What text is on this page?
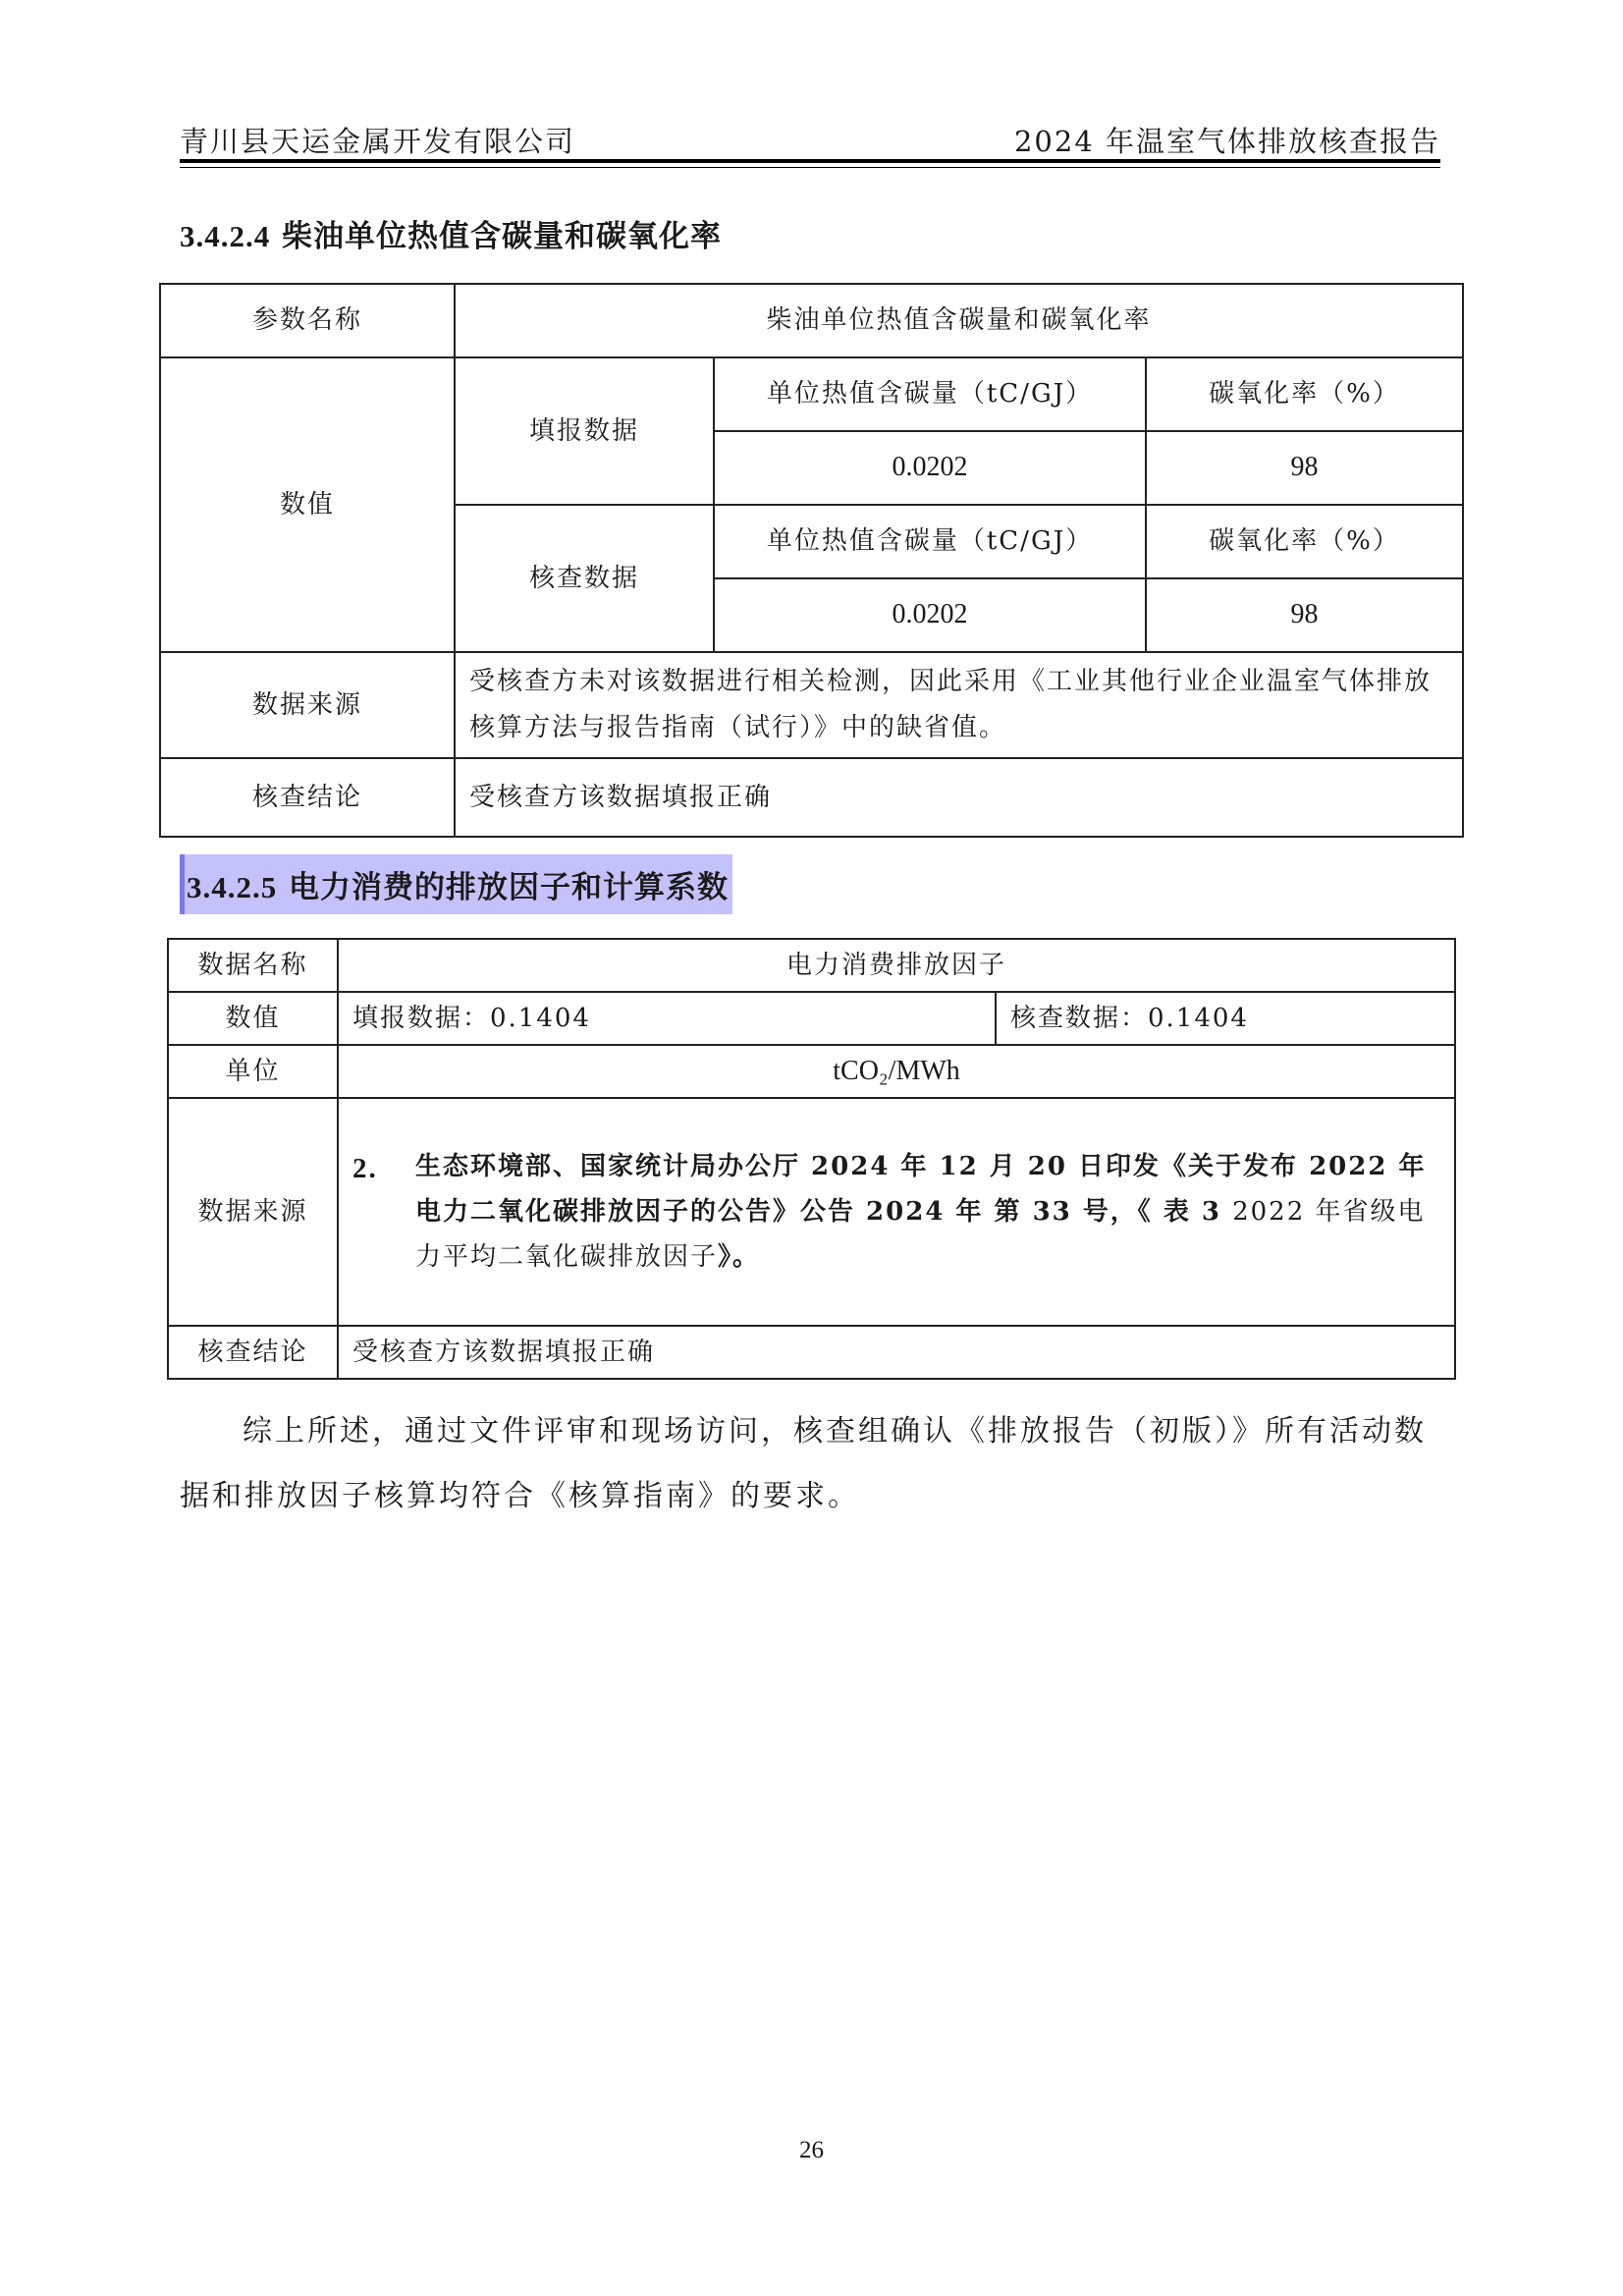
青川县天运金属开发有限公司	2024 年温室气体排放核查报告
3.4.2.4 柴油单位热值含碳量和碳氧化率
参数名称	柴油单位热值含碳量和碳氧化率		
数值	填报数据	单位热值含碳量（tC/GJ）	碳氧化率（%）
		0.0202	98
	核查数据	单位热值含碳量（tC/GJ）	碳氧化率（%）
		0.0202	98
数据来源	受核查方未对该数据进行相关检测，因此采用《工业其他行业企业温室气体排放核算方法与报告指南（试行）》中的缺省值。		
核查结论	受核查方该数据填报正确		
3.4.2.5 电力消费的排放因子和计算系数
数据名称	电力消费排放因子	
数值	填报数据：0.1404	核查数据：0.1404
单位	tCO₂/MWh	
数据来源	2. 生态环境部、国家统计局办公厅 2024 年 12 月 20 日印发《关于发布 2022 年电力二氧化碳排放因子的公告》公告 2024 年 第 33 号，《 表 3 2022 年省级电力平均二氧化碳排放因子》。	

核查结论	受核查方该数据填报正确	
综上所述，通过文件评审和现场访问，核查组确认《排放报告（初版）》所有活动数据和排放因子核算均符合《核算指南》的要求。
26
